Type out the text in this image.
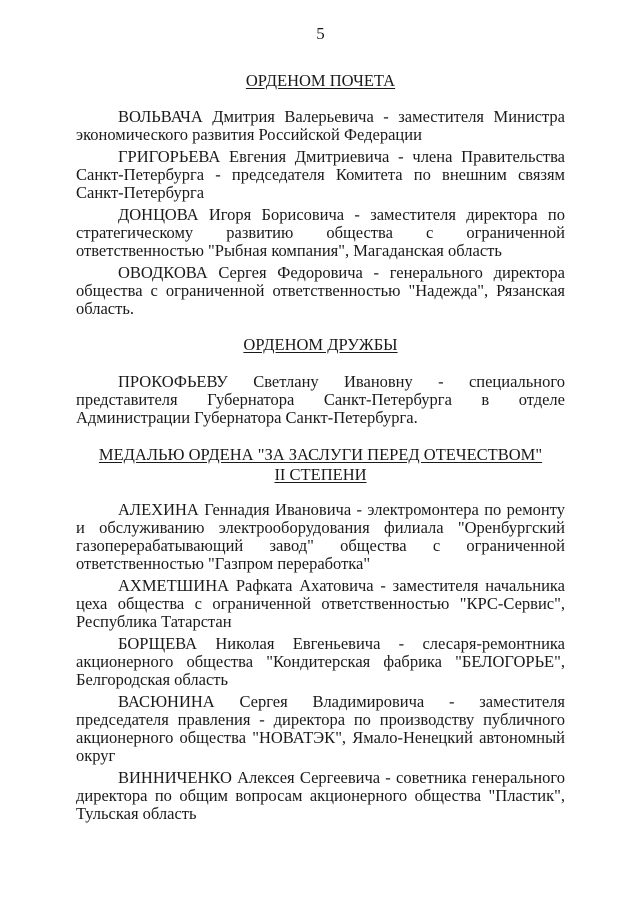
5
ОРДЕНОМ ПОЧЕТА

ВОЛЬВАЧА Дмитрия Валерьевича - заместителя Министра экономического развития Российской Федерации

ГРИГОРЬЕВА Евгения Дмитриевича - члена Правительства Санкт-Петербурга - председателя Комитета по внешним связям Санкт-Петербурга

ДОНЦОВА Игоря Борисовича - заместителя директора по стратегическому развитию общества с ограниченной ответственностью "Рыбная компания", Магаданская область

ОВОДКОВА Сергея Федоровича - генерального директора общества с ограниченной ответственностью "Надежда", Рязанская область.

ОРДЕНОМ ДРУЖБЫ

ПРОКОФЬЕВУ Светлану Ивановну - специального представителя Губернатора Санкт-Петербурга в отделе Администрации Губернатора Санкт-Петербурга.

МЕДАЛЬЮ ОРДЕНА "ЗА ЗАСЛУГИ ПЕРЕД ОТЕЧЕСТВОМ"
II СТЕПЕНИ

АЛЕХИНА Геннадия Ивановича - электромонтера по ремонту и обслуживанию электрооборудования филиала "Оренбургский газоперерабатывающий завод" общества с ограниченной ответственностью "Газпром переработка"

АХМЕТШИНА Рафката Ахатовича - заместителя начальника цеха общества с ограниченной ответственностью "КРС-Сервис", Республика Татарстан

БОРЩЕВА Николая Евгеньевича - слесаря-ремонтника акционерного общества "Кондитерская фабрика "БЕЛОГОРЬЕ", Белгородская область

ВАСЮНИНА Сергея Владимировича - заместителя председателя правления - директора по производству публичного акционерного общества "НОВАТЭК", Ямало-Ненецкий автономный округ

ВИННИЧЕНКО Алексея Сергеевича - советника генерального директора по общим вопросам акционерного общества "Пластик", Тульская область
